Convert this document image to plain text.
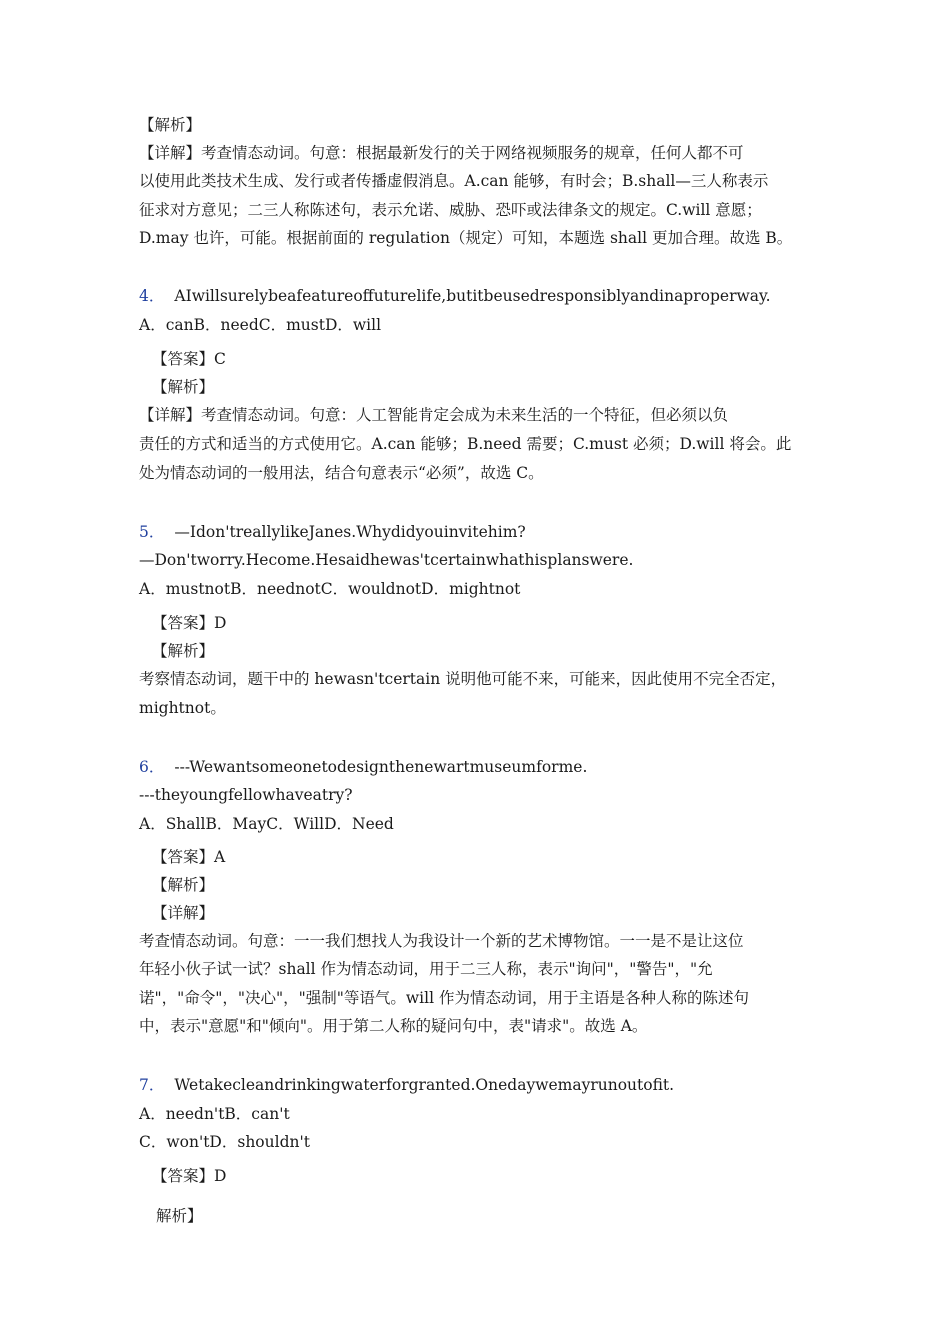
【解析】
【详解】考查情态动词。句意：根据最新发行的关于网络视频服务的规章，任何人都不可
以使用此类技术生成、发行或者传播虚假消息。A.can 能够，有时会；B.shall—三人称表示
征求对方意见；二三人称陈述句，表示允诺、威胁、恐吓或法律条文的规定。C.will 意愿；
D.may 也许，可能。根据前面的 regulation（规定）可知，本题选 shall 更加合理。故选 B。
4． AIwillsurelybeafeatureoffuturelife,butitbeusedresponsiblyandinaproperway.
A．canB．needC．mustD．will
【答案】C
【解析】
【详解】考查情态动词。句意：人工智能肯定会成为未来生活的一个特征，但必须以负
责任的方式和适当的方式使用它。A.can 能够；B.need 需要；C.must 必须；D.will 将会。此
处为情态动词的一般用法，结合句意表示“必须”，故选 C。
5． —Idon'treallylikeJanes.Whydidyouinvitehim?
—Don'tworry.Hecome.Hesaidhewas'tcertainwhathisplanswere.
A．mustnotB．neednotC．wouldnotD．mightnot
【答案】D
【解析】
考察情态动词，题干中的 hewasn'tcertain 说明他可能不来，可能来，因此使用不完全否定，
mightnot。
6． ---Wewantsomeonetodesignthenewartmuseumforme.
---theyoungfellowhaveatry?
A．ShallB．MayC．WillD．Need
【答案】A
【解析】
【详解】
考查情态动词。句意：一一我们想找人为我设计一个新的艺术博物馆。一一是不是让这位
年轻小伙子试一试？shall 作为情态动词，用于二三人称，表示"询问"，"警告"，"允
诺"，"命令"，"决心"，"强制"等语气。will 作为情态动词，用于主语是各种人称的陈述句
中，表示"意愿"和"倾向"。用于第二人称的疑问句中，表"请求"。故选 A。
7． Wetakecleandrinkingwaterforgranted.Onedaywemayrunoutofit.
A．needn'tB．can't
C．won'tD．shouldn't
【答案】D
解析】
